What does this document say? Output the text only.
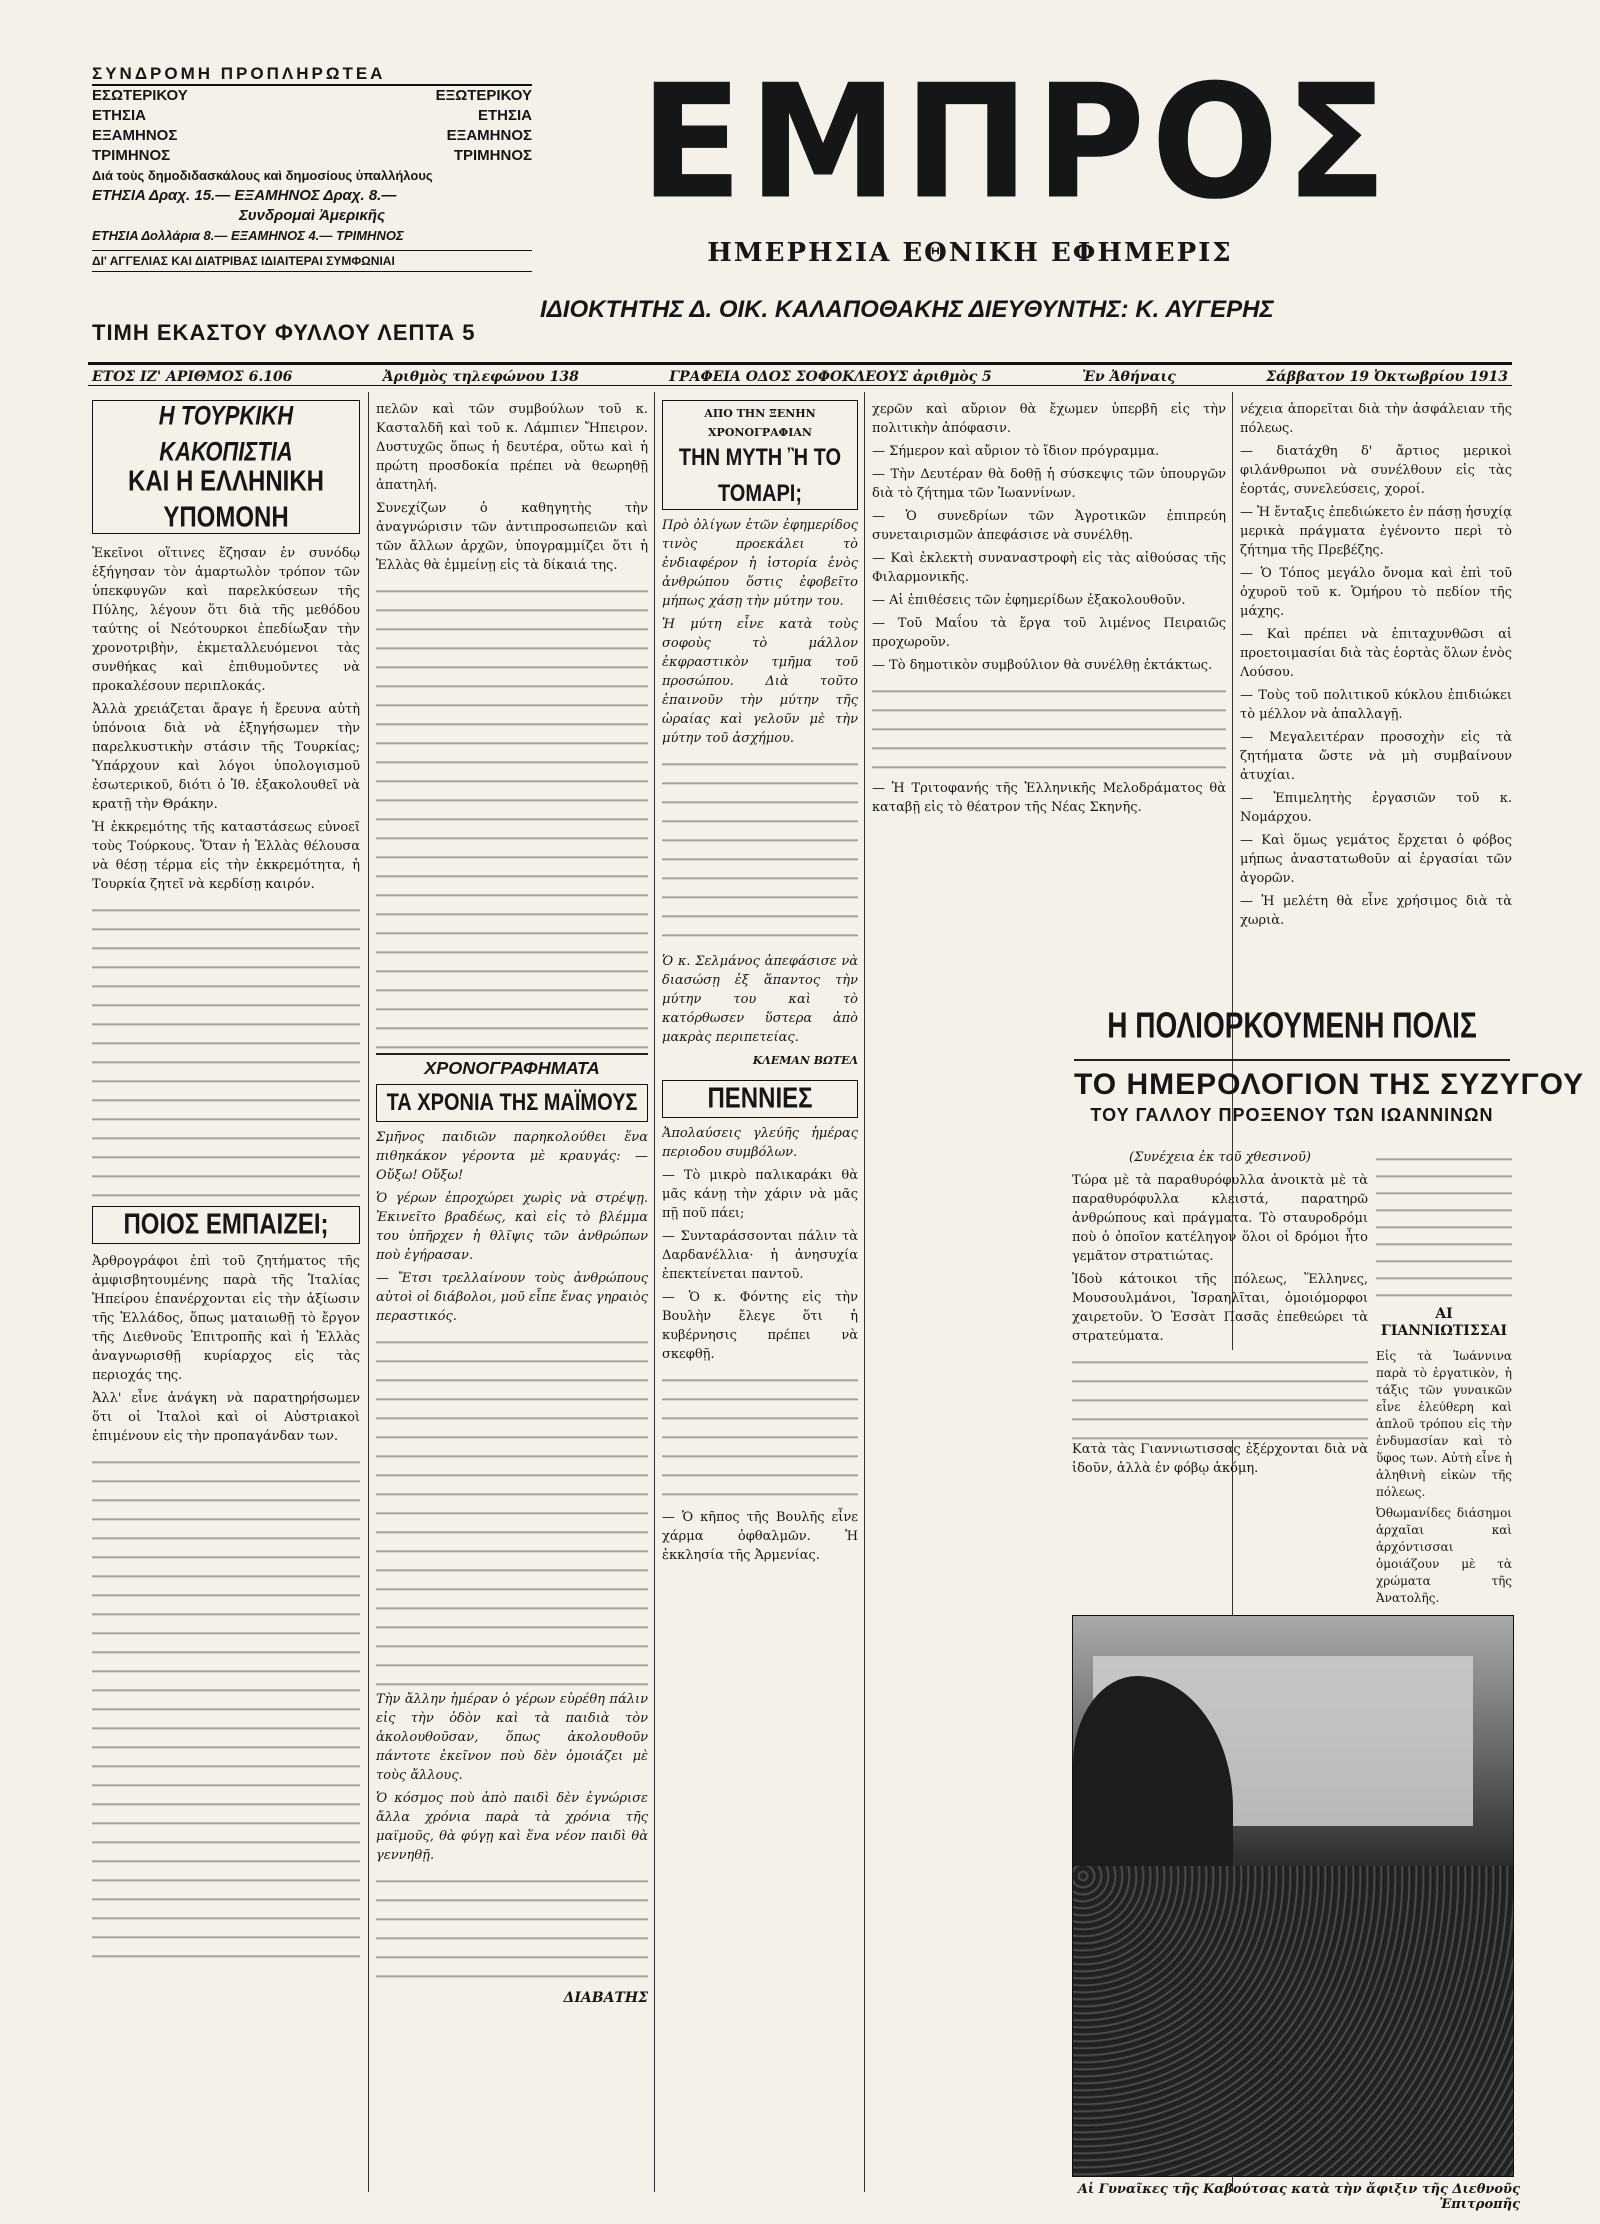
ΣΥΝΔΡΟΜΗ ΠΡΟΠΛΗΡΩΤΕΑ
ΕΣΩΤΕΡΙΚΟΥ	ΕΞΩΤΕΡΙΚΟΥ
ΕΤΗΣΙΑ	ΕΤΗΣΙΑ
ΕΞΑΜΗΝΟΣ	ΕΞΑΜΗΝΟΣ
ΤΡΙΜΗΝΟΣ	ΤΡΙΜΗΝΟΣ
Διά τοὺς δημοδιδασκάλους καὶ δημοσίους ὑπαλλήλους
ΕΤΗΣΙΑ Δραχ. 15.— ΕΞΑΜΗΝΟΣ Δραχ. 8.—
Συνδρομαὶ Ἀμερικῆς
ΕΤΗΣΙΑ Δολλάρια 8.— ΕΞΑΜΗΝΟΣ 4.— ΤΡΙΜΗΝΟΣ
ΔΙ' ΑΓΓΕΛΙΑΣ ΚΑΙ ΔΙΑΤΡΙΒΑΣ ΙΔΙΑΙΤΕΡΑΙ ΣΥΜΦΩΝΙΑΙ
ΤΙΜΗ ΕΚΑΣΤΟΥ ΦΥΛΛΟΥ ΛΕΠΤΑ 5
ΕΜΠΡΟΣ
ΗΜΕΡΗΣΙΑ ΕΘΝΙΚΗ ΕΦΗΜΕΡΙΣ
ΙΔΙΟΚΤΗΤΗΣ Δ. ΟΙΚ. ΚΑΛΑΠΟΘΑΚΗΣ ΔΙΕΥΘΥΝΤΗΣ: Κ. ΑΥΓΕΡΗΣ
ΕΤΟΣ ΙΖ' ΑΡΙΘΜΟΣ 6.106	Ἀριθμὸς τηλεφώνου 138	ΓΡΑΦΕΙΑ ΟΔΟΣ ΣΟΦΟΚΛΕΟΥΣ ἀριθμὸς 5	Ἐν Ἀθήναις	Σάββατον 19 Ὀκτωβρίου 1913
Η ΤΟΥΡΚΙΚΗ ΚΑΚΟΠΙΣΤΙΑ
ΚΑΙ Η ΕΛΛΗΝΙΚΗ ΥΠΟΜΟΝΗ

Ἐκεῖνοι οἵτινες ἔζησαν ἐν συνόδῳ ἐξήγησαν τὸν ἀμαρτωλὸν τρόπον τῶν ὑπεκφυγῶν καὶ παρελκύσεων τῆς Πύλης, λέγουν ὅτι διὰ τῆς μεθόδου ταύτης οἱ Νεότουρκοι ἐπεδίωξαν τὴν χρονοτριβὴν, ἐκμεταλλευόμενοι τὰς συνθήκας καὶ ἐπιθυμοῦντες νὰ προκαλέσουν περιπλοκάς.

Ἀλλὰ χρειάζεται ἄραγε ἡ ἔρευνα αὐτὴ ὑπόνοια διὰ νὰ ἐξηγήσωμεν τὴν παρελκυστικὴν στάσιν τῆς Τουρκίας; Ὑπάρχουν καὶ λόγοι ὑπολογισμοῦ ἐσωτερικοῦ, διότι ὁ Ἰθ. ἐξακολουθεῖ νὰ κρατῇ τὴν Θράκην.

Ἡ ἐκκρεμότης τῆς καταστάσεως εὐνοεῖ τοὺς Τούρκους. Ὅταν ἡ Ἑλλὰς θέλουσα νὰ θέσῃ τέρμα εἰς τὴν ἐκκρεμότητα, ἡ Τουρκία ζητεῖ νὰ κερδίσῃ καιρόν.

ΠΟΙΟΣ ΕΜΠΑΙΖΕΙ;

Ἀρθρογράφοι ἐπὶ τοῦ ζητήματος τῆς ἀμφισβητουμένης παρὰ τῆς Ἰταλίας Ἠπείρου ἐπανέρχονται εἰς τὴν ἀξίωσιν τῆς Ἑλλάδος, ὅπως ματαιωθῇ τὸ ἔργον τῆς Διεθνοῦς Ἐπιτροπῆς καὶ ἡ Ἑλλὰς ἀναγνωρισθῇ κυρίαρχος εἰς τὰς περιοχάς της.

Ἀλλ' εἶνε ἀνάγκη νὰ παρατηρήσωμεν ὅτι οἱ Ἰταλοὶ καὶ οἱ Αὐστριακοὶ ἐπιμένουν εἰς τὴν προπαγάνδαν των.

πελῶν καὶ τῶν συμβούλων τοῦ κ. Κασταλδῆ καὶ τοῦ κ. Λάμπιεν Ἤπειρον. Δυστυχῶς ὅπως ἡ δευτέρα, οὕτω καὶ ἡ πρώτη προσδοκία πρέπει νὰ θεωρηθῇ ἀπατηλή.

Συνεχίζων ὁ καθηγητὴς τὴν ἀναγνώρισιν τῶν ἀντιπροσωπειῶν καὶ τῶν ἄλλων ἀρχῶν, ὑπογραμμίζει ὅτι ἡ Ἑλλὰς θὰ ἐμμείνῃ εἰς τὰ δίκαιά της.

ΧΡΟΝΟΓΡΑΦΗΜΑΤΑ
ΤΑ ΧΡΟΝΙΑ ΤΗΣ ΜΑΪΜΟΥΣ

Σμῆνος παιδιῶν παρηκολούθει ἕνα πιθηκάκον γέροντα μὲ κραυγάς: — Οὔξω! Οὔξω!

Ὁ γέρων ἐπροχώρει χωρὶς νὰ στρέψῃ. Ἐκινεῖτο βραδέως, καὶ εἰς τὸ βλέμμα του ὑπῆρχεν ἡ θλῖψις τῶν ἀνθρώπων ποὺ ἐγήρασαν.

— Ἔτσι τρελλαίνουν τοὺς ἀνθρώπους αὐτοὶ οἱ διάβολοι, μοῦ εἶπε ἕνας γηραιὸς περαστικός.

Τὴν ἄλλην ἡμέραν ὁ γέρων εὑρέθη πάλιν εἰς τὴν ὁδὸν καὶ τὰ παιδιὰ τὸν ἀκολουθοῦσαν, ὅπως ἀκολουθοῦν πάντοτε ἐκεῖνον ποὺ δὲν ὁμοιάζει μὲ τοὺς ἄλλους.

Ὁ κόσμος ποὺ ἀπὸ παιδὶ δὲν ἐγνώρισε ἄλλα χρόνια παρὰ τὰ χρόνια τῆς μαϊμοῦς, θὰ φύγῃ καὶ ἕνα νέον παιδὶ θὰ γεννηθῇ.

ΔΙΑΒΑΤΗΣ
ΑΠΟ ΤΗΝ ΞΕΝΗΝ ΧΡΟΝΟΓΡΑΦΙΑΝ
ΤΗΝ ΜΥΤΗ Ἢ ΤΟ ΤΟΜΑΡΙ;

Πρὸ ὀλίγων ἐτῶν ἐφημερίδος τινὸς προεκάλει τὸ ἐνδιαφέρον ἡ ἱστορία ἑνὸς ἀνθρώπου ὅστις ἐφοβεῖτο μήπως χάσῃ τὴν μύτην του.

Ἡ μύτη εἶνε κατὰ τοὺς σοφοὺς τὸ μάλλον ἐκφραστικὸν τμῆμα τοῦ προσώπου. Διὰ τοῦτο ἐπαινοῦν τὴν μύτην τῆς ὡραίας καὶ γελοῦν μὲ τὴν μύτην τοῦ ἀσχήμου.

Ὁ κ. Σελμάνος ἀπεφάσισε νὰ διασώσῃ ἐξ ἅπαντος τὴν μύτην του καὶ τὸ κατόρθωσεν ὕστερα ἀπὸ μακρὰς περιπετείας.

ΚΛΕΜΑΝ ΒΩΤΕΛ
ΠΕΝΝΙΕΣ

Ἀπολαύσεις γλεύῆς ἡμέρας περιοδου συμβόλων.

— Τὸ μικρὸ παλικαράκι θὰ μᾶς κάνῃ τὴν χάριν νὰ μᾶς πῇ ποῦ πάει;

— Συνταράσσονται πάλιν τὰ Δαρδανέλλια· ἡ ἀνησυχία ἐπεκτείνεται παντοῦ.

— Ὁ κ. Φόντης εἰς τὴν Βουλὴν ἔλεγε ὅτι ἡ κυβέρνησις πρέπει νὰ σκεφθῇ.

— Ὁ κῆπος τῆς Βουλῆς εἶνε χάρμα ὀφθαλμῶν. Ἡ ἐκκλησία τῆς Ἀρμενίας.

χερῶν καὶ αὔριον θὰ ἔχωμεν ὑπερβῆ εἰς τὴν πολιτικὴν ἀπόφασιν.

— Σήμερον καὶ αὔριον τὸ ἴδιον πρόγραμμα.

— Τὴν Δευτέραν θὰ δοθῇ ἡ σύσκεψις τῶν ὑπουργῶν διὰ τὸ ζήτημα τῶν Ἰωαννίνων.

— Ὁ συνεδρίων τῶν Ἀγροτικῶν ἐπιπρεύη συνεταιρισμῶν ἀπεφάσισε νὰ συνέλθῃ.

— Καὶ ἐκλεκτὴ συναναστροφὴ εἰς τὰς αἰθούσας τῆς Φιλαρμονικῆς.

— Αἱ ἐπιθέσεις τῶν ἐφημερίδων ἐξακολουθοῦν.

— Τοῦ Μαΐου τὰ ἔργα τοῦ λιμένος Πειραιῶς προχωροῦν.

— Τὸ δημοτικὸν συμβούλιον θὰ συνέλθῃ ἐκτάκτως.

— Ἡ Τριτοφανής τῆς Ἑλληνικῆς Μελοδράματος θὰ καταβῇ εἰς τὸ θέατρον τῆς Νέας Σκηνῆς.

νέχεια ἀπορεῖται διὰ τὴν ἀσφάλειαν τῆς πόλεως.

— διατάχθη δ' ἄρτιος μερικοὶ φιλάνθρωποι νὰ συνέλθουν εἰς τὰς ἑορτάς, συνελεύσεις, χοροί.

— Ἡ ἔνταξις ἐπεδιώκετο ἐν πάσῃ ἡσυχίᾳ μερικὰ πράγματα ἐγένοντο περὶ τὸ ζήτημα τῆς Πρεβέζης.

— Ὁ Τόπος μεγάλο ὄνομα καὶ ἐπὶ τοῦ ὀχυροῦ τοῦ κ. Ὁμήρου τὸ πεδίον τῆς μάχης.

— Καὶ πρέπει νὰ ἐπιταχυνθῶσι αἱ προετοιμασίαι διὰ τὰς ἑορτὰς ὅλων ἑνὸς Λούσου.

— Τοὺς τοῦ πολιτικοῦ κύκλου ἐπιδιώκει τὸ μέλλον νὰ ἀπαλλαγῇ.

— Μεγαλειτέραν προσοχὴν εἰς τὰ ζητήματα ὥστε νὰ μὴ συμβαίνουν ἀτυχίαι.

— Ἐπιμελητὴς ἐργασιῶν τοῦ κ. Νομάρχου.

— Καὶ ὅμως γεμάτος ἔρχεται ὁ φόβος μήπως ἀναστατωθοῦν αἱ ἐργασίαι τῶν ἀγορῶν.

— Ἡ μελέτη θὰ εἶνε χρήσιμος διὰ τὰ χωριὰ.

Η ΠΟΛΙΟΡΚΟΥΜΕΝΗ ΠΟΛΙΣ
ΤΟ ΗΜΕΡΟΛΟΓΙΟΝ ΤΗΣ ΣΥΖΥΓΟΥ
ΤΟΥ ΓΑΛΛΟΥ ΠΡΟΞΕΝΟΥ ΤΩΝ ΙΩΑΝΝΙΝΩΝ

(Συνέχεια ἐκ τοῦ χθεσινοῦ)

Τώρα μὲ τὰ παραθυρόφυλλα ἀνοικτὰ μὲ τὰ παραθυρόφυλλα κλειστά, παρατηρῶ ἀνθρώπους καὶ πράγματα. Τὸ σταυροδρόμι ποὺ ὁ ὁποῖον κατέληγον ὅλοι οἱ δρόμοι ἦτο γεμᾶτον στρατιώτας.

Ἰδοὺ κάτοικοι τῆς πόλεως, Ἕλληνες, Μουσουλμάνοι, Ἰσραηλῖται, ὁμοιόμορφοι χαιρετοῦν. Ὁ Ἐσσὰτ Πασᾶς ἐπεθεώρει τὰ στρατεύματα.

Κατὰ τὰς Γιαννιωτισσας ἐξέρχονται διὰ νὰ ἰδοῦν, ἀλλὰ ἐν φόβῳ ἀκόμη.

ΑΙ ΓΙΑΝΝΙΩΤΙΣΣΑΙ

Εἰς τὰ Ἰωάννινα παρὰ τὸ ἐργατικὸν, ἡ τάξις τῶν γυναικῶν εἶνε ἐλεύθερη καὶ ἁπλοῦ τρόπου εἰς τὴν ἐνδυμασίαν καὶ τὸ ὕφος των. Αὐτὴ εἶνε ἡ ἀληθινὴ εἰκὼν τῆς πόλεως.

Ὀθωμανίδες διάσημοι ἀρχαῖαι καὶ ἀρχόντισσαι ὁμοιάζουν μὲ τὰ χρώματα τῆς Ἀνατολῆς.

Αἱ Γυναῖκες τῆς Καβούτσας κατὰ τὴν ἄφιξιν τῆς Διεθνοῦς Ἐπιτροπῆς
